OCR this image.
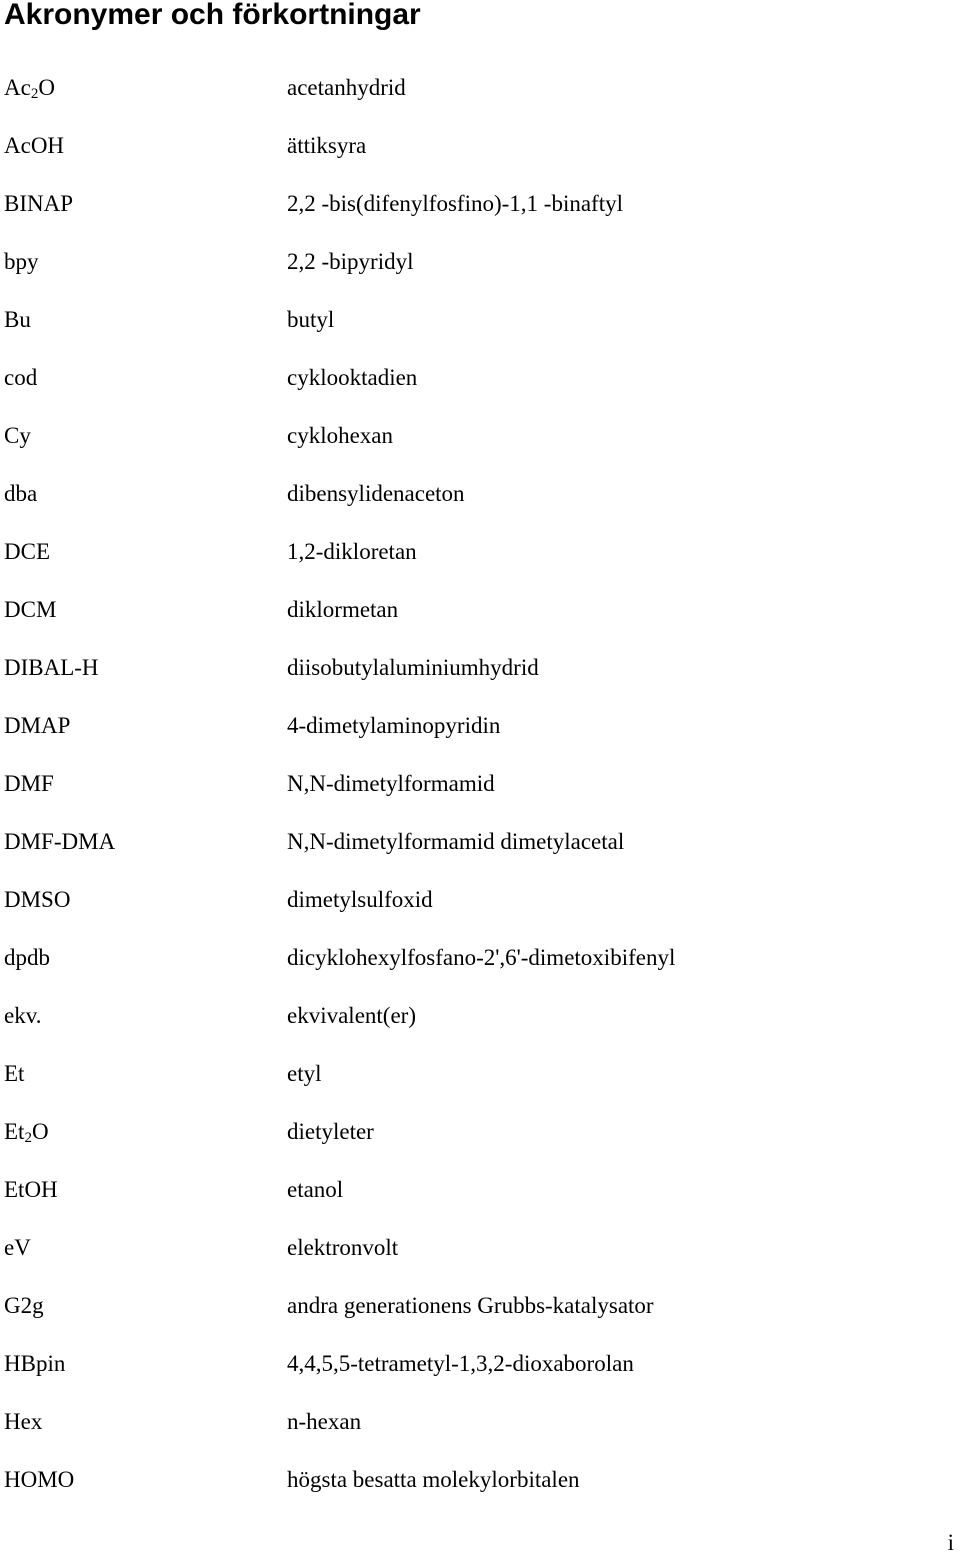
Akronymer och förkortningar
$Ac_2O$	acetanhydrid
AcOH	ättiksyra
BINAP	2,2 -bis(difenylfosfino)-1,1 -binaftyl
bpy	2,2 -bipyridyl
Bu	butyl
cod	cyklooktadien
Cy	cyklohexan
dba	dibensylidenaceton
DCE	1,2-dikloretan
DCM	diklormetan
DIBAL-H	diisobutylaluminiumhydrid
DMAP	4-dimetylaminopyridin
DMF	N,N-dimetylformamid
DMF-DMA	N,N-dimetylformamid dimetylacetal
DMSO	dimetylsulfoxid
dpdb	dicyklohexylfosfano-2',6'-dimetoxibifenyl
ekv.	ekvivalent(er)
Et	etyl
$Et_2O$	dietyleter
EtOH	etanol
eV	elektronvolt
G2g	andra generationens Grubbs-katalysator
HBpin	4,4,5,5-tetrametyl-1,3,2-dioxaborolan
Hex	n-hexan
HOMO	högsta besatta molekylorbitalen
i
